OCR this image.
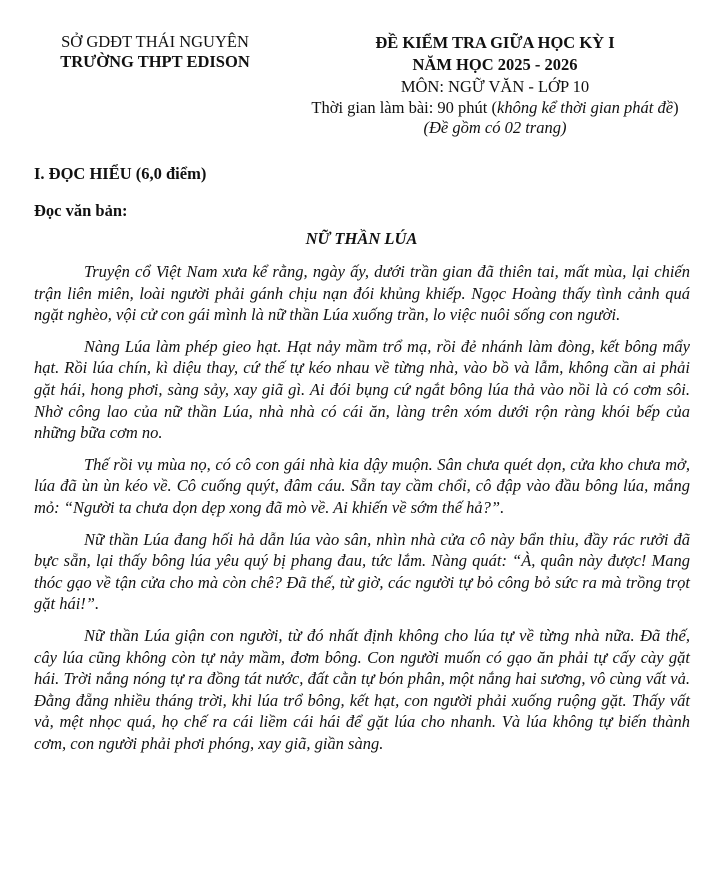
SỞ GDĐT THÁI NGUYÊN
TRƯỜNG THPT EDISON
ĐỀ KIỂM TRA GIỮA HỌC KỲ I
NĂM HỌC 2025 - 2026
MÔN: NGỮ VĂN - LỚP 10
Thời gian làm bài: 90 phút (không kể thời gian phát đề)
(Đề gồm có 02 trang)
I. ĐỌC HIỂU (6,0 điểm)
Đọc văn bản:
NỮ THẦN LÚA

Truyện cổ Việt Nam xưa kể rằng, ngày ấy, dưới trần gian đã thiên tai, mất mùa, lại chiến trận liên miên, loài người phải gánh chịu nạn đói khủng khiếp. Ngọc Hoàng thấy tình cảnh quá ngặt nghèo, vội cử con gái mình là nữ thần Lúa xuống trần, lo việc nuôi sống con người.

Nàng Lúa làm phép gieo hạt. Hạt nảy mầm trổ mạ, rồi đẻ nhánh làm đòng, kết bông mẩy hạt. Rồi lúa chín, kì diệu thay, cứ thế tự kéo nhau về từng nhà, vào bồ và lẫm, không cần ai phải gặt hái, hong phơi, sàng sảy, xay giã gì. Ai đói bụng cứ ngắt bông lúa thả vào nồi là có cơm sôi. Nhờ công lao của nữ thần Lúa, nhà nhà có cái ăn, làng trên xóm dưới rộn ràng khói bếp của những bữa cơm no.

Thế rồi vụ mùa nọ, có cô con gái nhà kia dậy muộn. Sân chưa quét dọn, cửa kho chưa mở, lúa đã ùn ùn kéo về. Cô cuống quýt, đâm cáu. Sẵn tay cầm chổi, cô đập vào đầu bông lúa, mắng mỏ: “Người ta chưa dọn dẹp xong đã mò về. Ai khiến về sớm thế hả?”.

Nữ thần Lúa đang hối hả dẫn lúa vào sân, nhìn nhà cửa cô này bẩn thỉu, đầy rác rưởi đã bực sẵn, lại thấy bông lúa yêu quý bị phang đau, tức lắm. Nàng quát: “À, quân này được! Mang thóc gạo về tận cửa cho mà còn chê? Đã thế, từ giờ, các người tự bỏ công bỏ sức ra mà trồng trọt gặt hái!”.

Nữ thần Lúa giận con người, từ đó nhất định không cho lúa tự về từng nhà nữa. Đã thế, cây lúa cũng không còn tự nảy mầm, đơm bông. Con người muốn có gạo ăn phải tự cấy cày gặt hái. Trời nắng nóng tự ra đồng tát nước, đất cằn tự bón phân, một nắng hai sương, vô cùng vất vả. Đằng đẵng nhiều tháng trời, khi lúa trổ bông, kết hạt, con người phải xuống ruộng gặt. Thấy vất vả, mệt nhọc quá, họ chế ra cái liềm cái hái để gặt lúa cho nhanh. Và lúa không tự biến thành cơm, con người phải phơi phóng, xay giã, giần sàng.
